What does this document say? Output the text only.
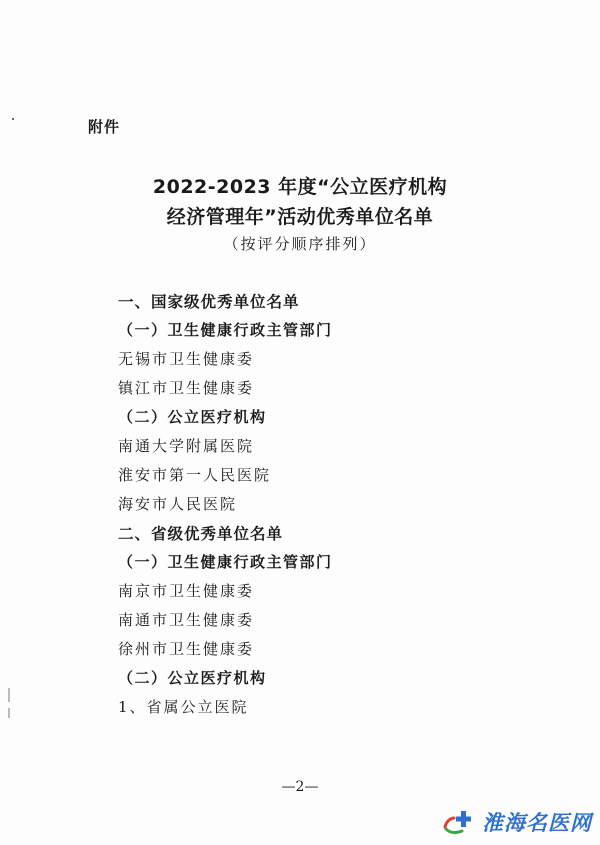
附件
2022-2023 年度“公立医疗机构
经济管理年”活动优秀单位名单
（按评分顺序排列）
一、国家级优秀单位名单
（一）卫生健康行政主管部门
无锡市卫生健康委
镇江市卫生健康委
（二）公立医疗机构
南通大学附属医院
淮安市第一人民医院
海安市人民医院
二、省级优秀单位名单
（一）卫生健康行政主管部门
南京市卫生健康委
南通市卫生健康委
徐州市卫生健康委
（二）公立医疗机构
1、省属公立医院
—2—
淮海名医网
